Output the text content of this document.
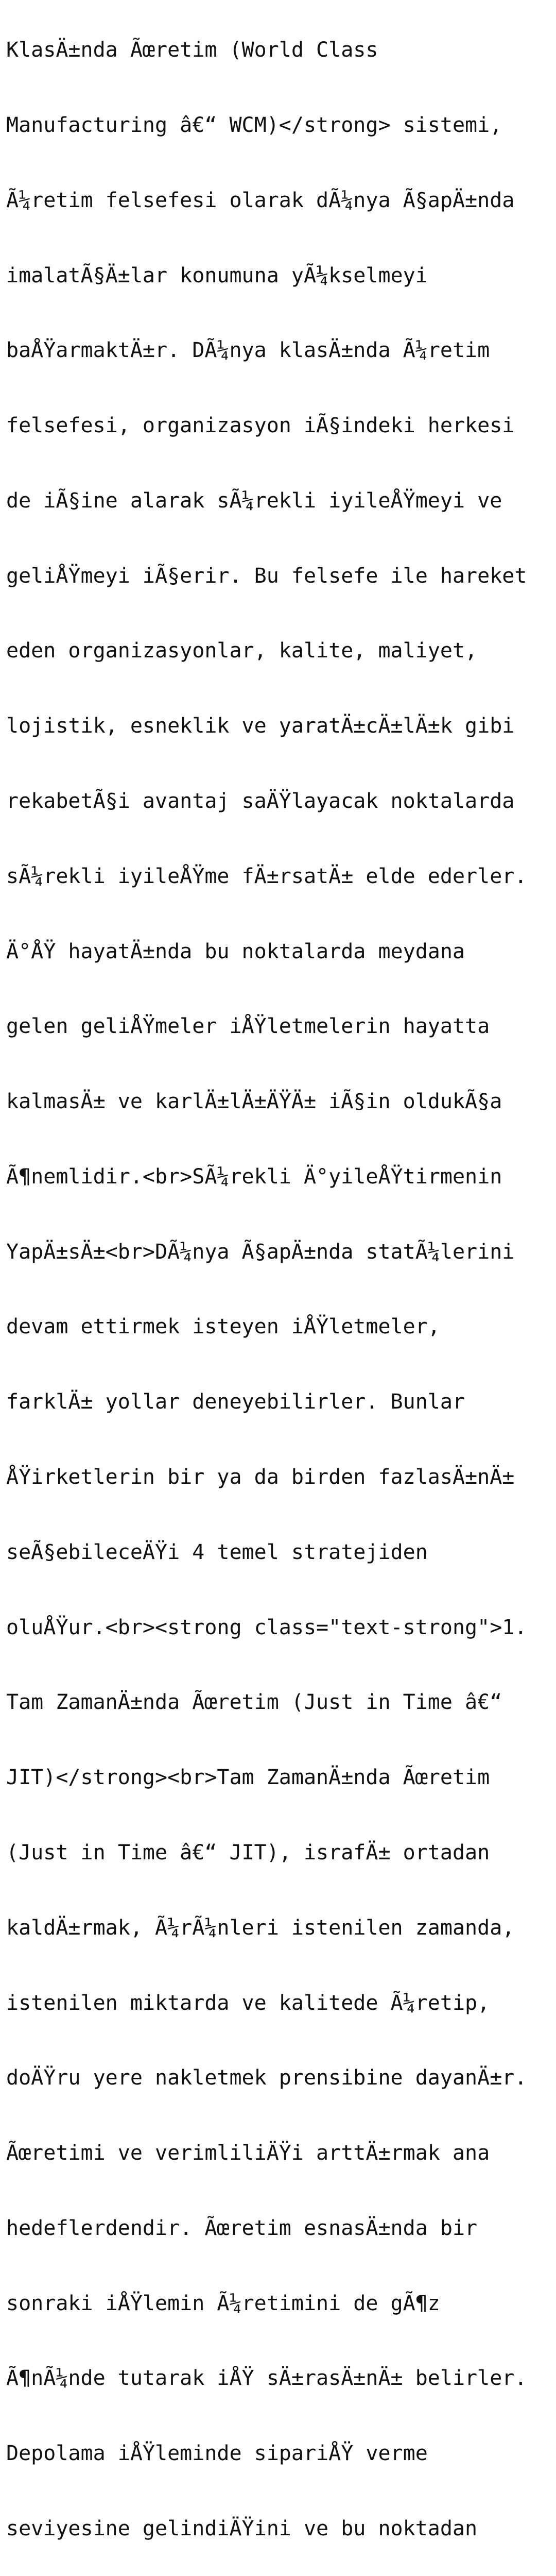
KlasÄ±nda Ãœretim (World Class

Manufacturing â€“ WCM)</strong> sistemi,

Ã¼retim felsefesi olarak dÃ¼nya Ã§apÄ±nda

imalatÃ§Ä±lar konumuna yÃ¼kselmeyi

baÅŸarmaktÄ±r. DÃ¼nya klasÄ±nda Ã¼retim

felsefesi, organizasyon iÃ§indeki herkesi

de iÃ§ine alarak sÃ¼rekli iyileÅŸmeyi ve

geliÅŸmeyi iÃ§erir. Bu felsefe ile hareket

eden organizasyonlar, kalite, maliyet,

lojistik, esneklik ve yaratÄ±cÄ±lÄ±k gibi

rekabetÃ§i avantaj saÄŸlayacak noktalarda

sÃ¼rekli iyileÅŸme fÄ±rsatÄ± elde ederler.

Ä°ÅŸ hayatÄ±nda bu noktalarda meydana

gelen geliÅŸmeler iÅŸletmelerin hayatta

kalmasÄ± ve karlÄ±lÄ±ÄŸÄ± iÃ§in oldukÃ§a

Ã¶nemlidir.<br>SÃ¼rekli Ä°yileÅŸtirmenin

YapÄ±sÄ±<br>DÃ¼nya Ã§apÄ±nda statÃ¼lerini

devam ettirmek isteyen iÅŸletmeler,

farklÄ± yollar deneyebilirler. Bunlar

ÅŸirketlerin bir ya da birden fazlasÄ±nÄ±

seÃ§ebileceÄŸi 4 temel stratejiden

oluÅŸur.<br><strong class="text-strong">1.

Tam ZamanÄ±nda Ãœretim (Just in Time â€“

JIT)</strong><br>Tam ZamanÄ±nda Ãœretim

(Just in Time â€“ JIT), israfÄ± ortadan

kaldÄ±rmak, Ã¼rÃ¼nleri istenilen zamanda,

istenilen miktarda ve kalitede Ã¼retip,

doÄŸru yere nakletmek prensibine dayanÄ±r.

Ãœretimi ve verimliliÄŸi arttÄ±rmak ana

hedeflerdendir. Ãœretim esnasÄ±nda bir

sonraki iÅŸlemin Ã¼retimini de gÃ¶z

Ã¶nÃ¼nde tutarak iÅŸ sÄ±rasÄ±nÄ± belirler.

Depolama iÅŸleminde sipariÅŸ verme

seviyesine gelindiÄŸini ve bu noktadan
